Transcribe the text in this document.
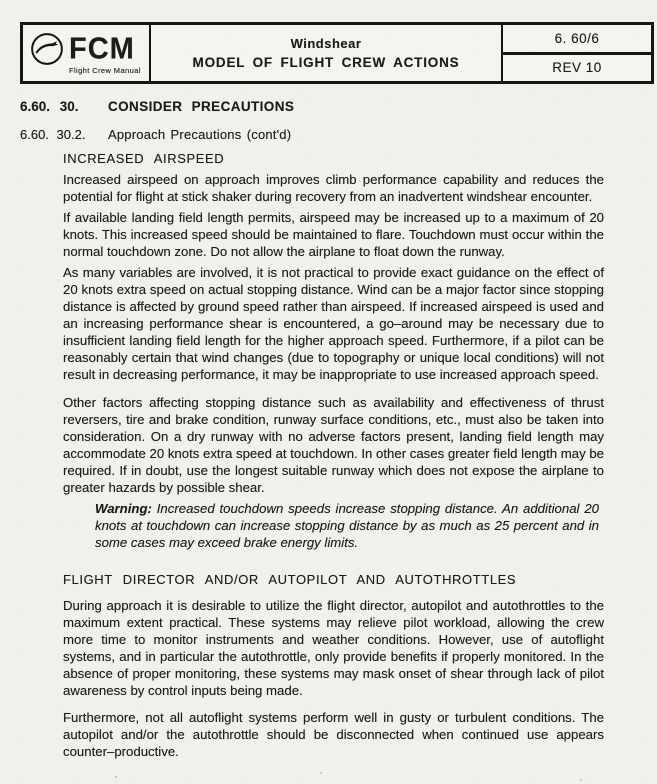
FCM
Flight Crew Manual
Windshear
MODEL OF FLIGHT CREW ACTIONS
6. 60/6
REV 10
6.60. 30.	CONSIDER PRECAUTIONS
6.60. 30.2.	Approach Precautions (cont'd)
INCREASED AIRSPEED

Increased airspeed on approach improves climb performance capability and reduces the potential for flight at stick shaker during recovery from an inadvertent windshear encounter.

If available landing field length permits, airspeed may be increased up to a maximum of 20 knots. This increased speed should be maintained to flare. Touchdown must occur within the normal touchdown zone. Do not allow the airplane to float down the runway.

As many variables are involved, it is not practical to provide exact guidance on the effect of 20 knots extra speed on actual stopping distance. Wind can be a major factor since stopping distance is affected by ground speed rather than airspeed. If increased airspeed is used and an increasing performance shear is encountered, a go–around may be necessary due to insufficient landing field length for the higher approach speed. Furthermore, if a pilot can be reasonably certain that wind changes (due to topography or unique local conditions) will not result in decreasing performance, it may be inappropriate to use increased approach speed.

Other factors affecting stopping distance such as availability and effectiveness of thrust reversers, tire and brake condition, runway surface conditions, etc., must also be taken into consideration. On a dry runway with no adverse factors present, landing field length may accommodate 20 knots extra speed at touchdown. In other cases greater field length may be required. If in doubt, use the longest suitable runway which does not expose the airplane to greater hazards by possible shear.

Warning: Increased touchdown speeds increase stopping distance. An additional 20 knots at touchdown can increase stopping distance by as much as 25 percent and in some cases may exceed brake energy limits.
FLIGHT DIRECTOR AND/OR AUTOPILOT AND AUTOTHROTTLES

During approach it is desirable to utilize the flight director, autopilot and autothrottles to the maximum extent practical. These systems may relieve pilot workload, allowing the crew more time to monitor instruments and weather conditions. However, use of autoflight systems, and in particular the autothrottle, only provide benefits if properly monitored. In the absence of proper monitoring, these systems may mask onset of shear through lack of pilot awareness by control inputs being made.

Furthermore, not all autoflight systems perform well in gusty or turbulent conditions. The autopilot and/or the autothrottle should be disconnected when continued use appears counter–productive.
